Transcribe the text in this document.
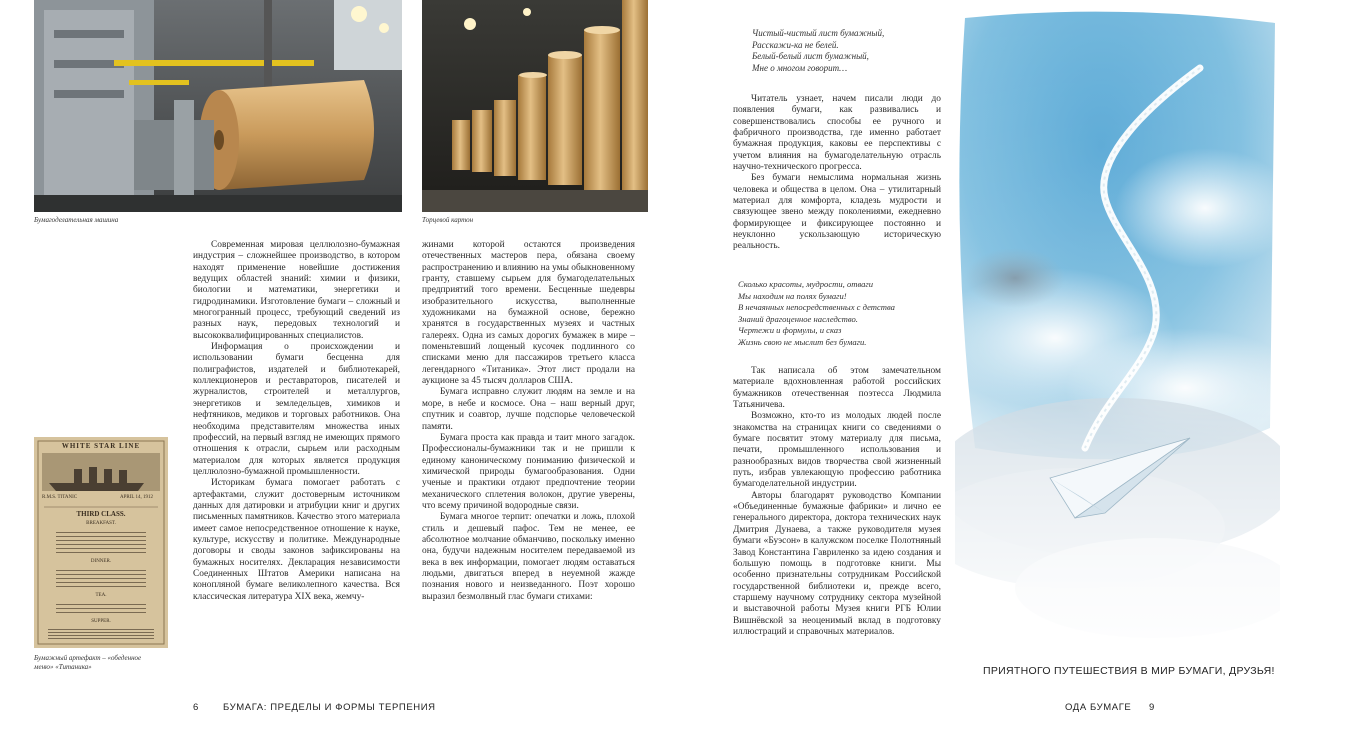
Бумагоделательная машина	Торцевой картон
WHITE STAR LINE
R.M.S. TITANIC	APRIL 14, 1912
THIRD CLASS.
BREAKFAST.
DINNER.
TEA.
SUPPER.
Бумажный артефакт – «обеденное
меню» «Титаника»

Современная мировая целлюлозно-бумажная индустрия – сложнейшее производство, в котором находят применение новейшие достижения ведущих областей знаний: химии и физики, биологии и математики, энергетики и гидродинамики. Изготовление бумаги – сложный и многогранный процесс, требующий сведений из разных наук, передовых технологий и высококвалифицированных специалистов.

Информация о происхождении и использовании бумаги бесценна для полиграфистов, издателей и библиотекарей, коллекционеров и реставраторов, писателей и журналистов, строителей и металлургов, энергетиков и земледельцев, химиков и нефтяников, медиков и торговых работников. Она необходима представителям множества иных профессий, на первый взгляд не имеющих прямого отношения к отрасли, сырьем или расходным материалом для которых является продукция целлюлозно-бумажной промышленности.

Историкам бумага помогает работать с артефактами, служит достоверным источником данных для датировки и атрибуции книг и других письменных памятников. Качество этого материала имеет самое непосредственное отношение к науке, культуре, искусству и политике. Международные договоры и своды законов зафиксированы на бумажных носителях. Декларация независимости Соединенных Штатов Америки написана на конопляной бумаге великолепного качества. Вся классическая литература XIX века, жемчу-

жинами которой остаются произведения отечественных мастеров пера, обязана своему распространению и влиянию на умы обыкновенному гранту, ставшему сырьем для бумагоделательных предприятий того времени. Бесценные шедевры изобразительного искусства, выполненные художниками на бумажной основе, бережно хранятся в государственных музеях и частных галереях. Одна из самых дорогих бумажек в мире – поменьтевший лощеный кусочек подлинного со списками меню для пассажиров третьего класса легендарного «Титаника». Этот лист продали на аукционе за 45 тысяч долларов США.

Бумага исправно служит людям на земле и на море, в небе и космосе. Она – наш верный друг, спутник и соавтор, лучше подспорье человеческой памяти.

Бумага проста как правда и таит много загадок. Профессионалы-бумажники так и не пришли к единому каноническому пониманию физической и химической природы бумагообразования. Одни ученые и практики отдают предпочтение теории механического сплетения волокон, другие уверены, что всему причиной водородные связи.

Бумага многое терпит: опечатки и ложь, плохой стиль и дешевый пафос. Тем не менее, ее абсолютное молчание обманчиво, поскольку именно она, будучи надежным носителем передаваемой из века в век информации, помогает людям оставаться людьми, двигаться вперед в неуемной жажде познания нового и неизведанного. Поэт хорошо выразил безмолвный глас бумаги стихами:

6	БУМАГА: ПРЕДЕЛЫ И ФОРМЫ ТЕРПЕНИЯ
Чистый-чистый лист бумажный,
Расскажи-ка не белей.
Белый-белый лист бумажный,
Мне о многом говорит…

Читатель узнает, начем писали люди до появления бумаги, как развивались и совершенствовались способы ее ручного и фабричного производства, где именно работает бумажная продукция, каковы ее перспективы с учетом влияния на бумагоделательную отрасль научно-технического прогресса.

Без бумаги немыслима нормальная жизнь человека и общества в целом. Она – утилитарный материал для комфорта, кладезь мудрости и связующее звено между поколениями, ежедневно формирующее и фиксирующее постоянно и неуклонно ускользающую историческую реальность.

Сколько красоты, мудрости, отваги
Мы находим на полях бумаги!
В нечаянных непосредственных с детства
Знаний драгоценное наследство.
Чертежи и формулы, и сказ
Жизнь свою не мыслит без бумаги.

Так написала об этом замечательном материале вдохновленная работой российских бумажников отечественная поэтесса Людмила Татьяничева.

Возможно, кто-то из молодых людей после знакомства на страницах книги со сведениями о бумаге посвятит этому материалу для письма, печати, промышленного использования и разнообразных видов творчества свой жизненный путь, избрав увлекающую профессию работника бумагоделательной индустрии.

Авторы благодарят руководство Компании «Объединенные бумажные фабрики» и лично ее генерального директора, доктора технических наук Дмитрия Дунаева, а также руководителя музея бумаги «Буэсон» в калужском поселке Полотняный Завод Константина Гавриленко за идею создания и большую помощь в подготовке книги. Мы особенно признательны сотрудникам Российской государственной библиотеки и, прежде всего, старшему научному сотруднику сектора музейной и выставочной работы Музея книги РГБ Юлии Вишнёвской за неоценимый вклад в подготовку иллюстраций и справочных материалов.

ПРИЯТНОГО ПУТЕШЕСТВИЯ В МИР БУМАГИ, ДРУЗЬЯ!
ОДА БУМАГЕ 9
